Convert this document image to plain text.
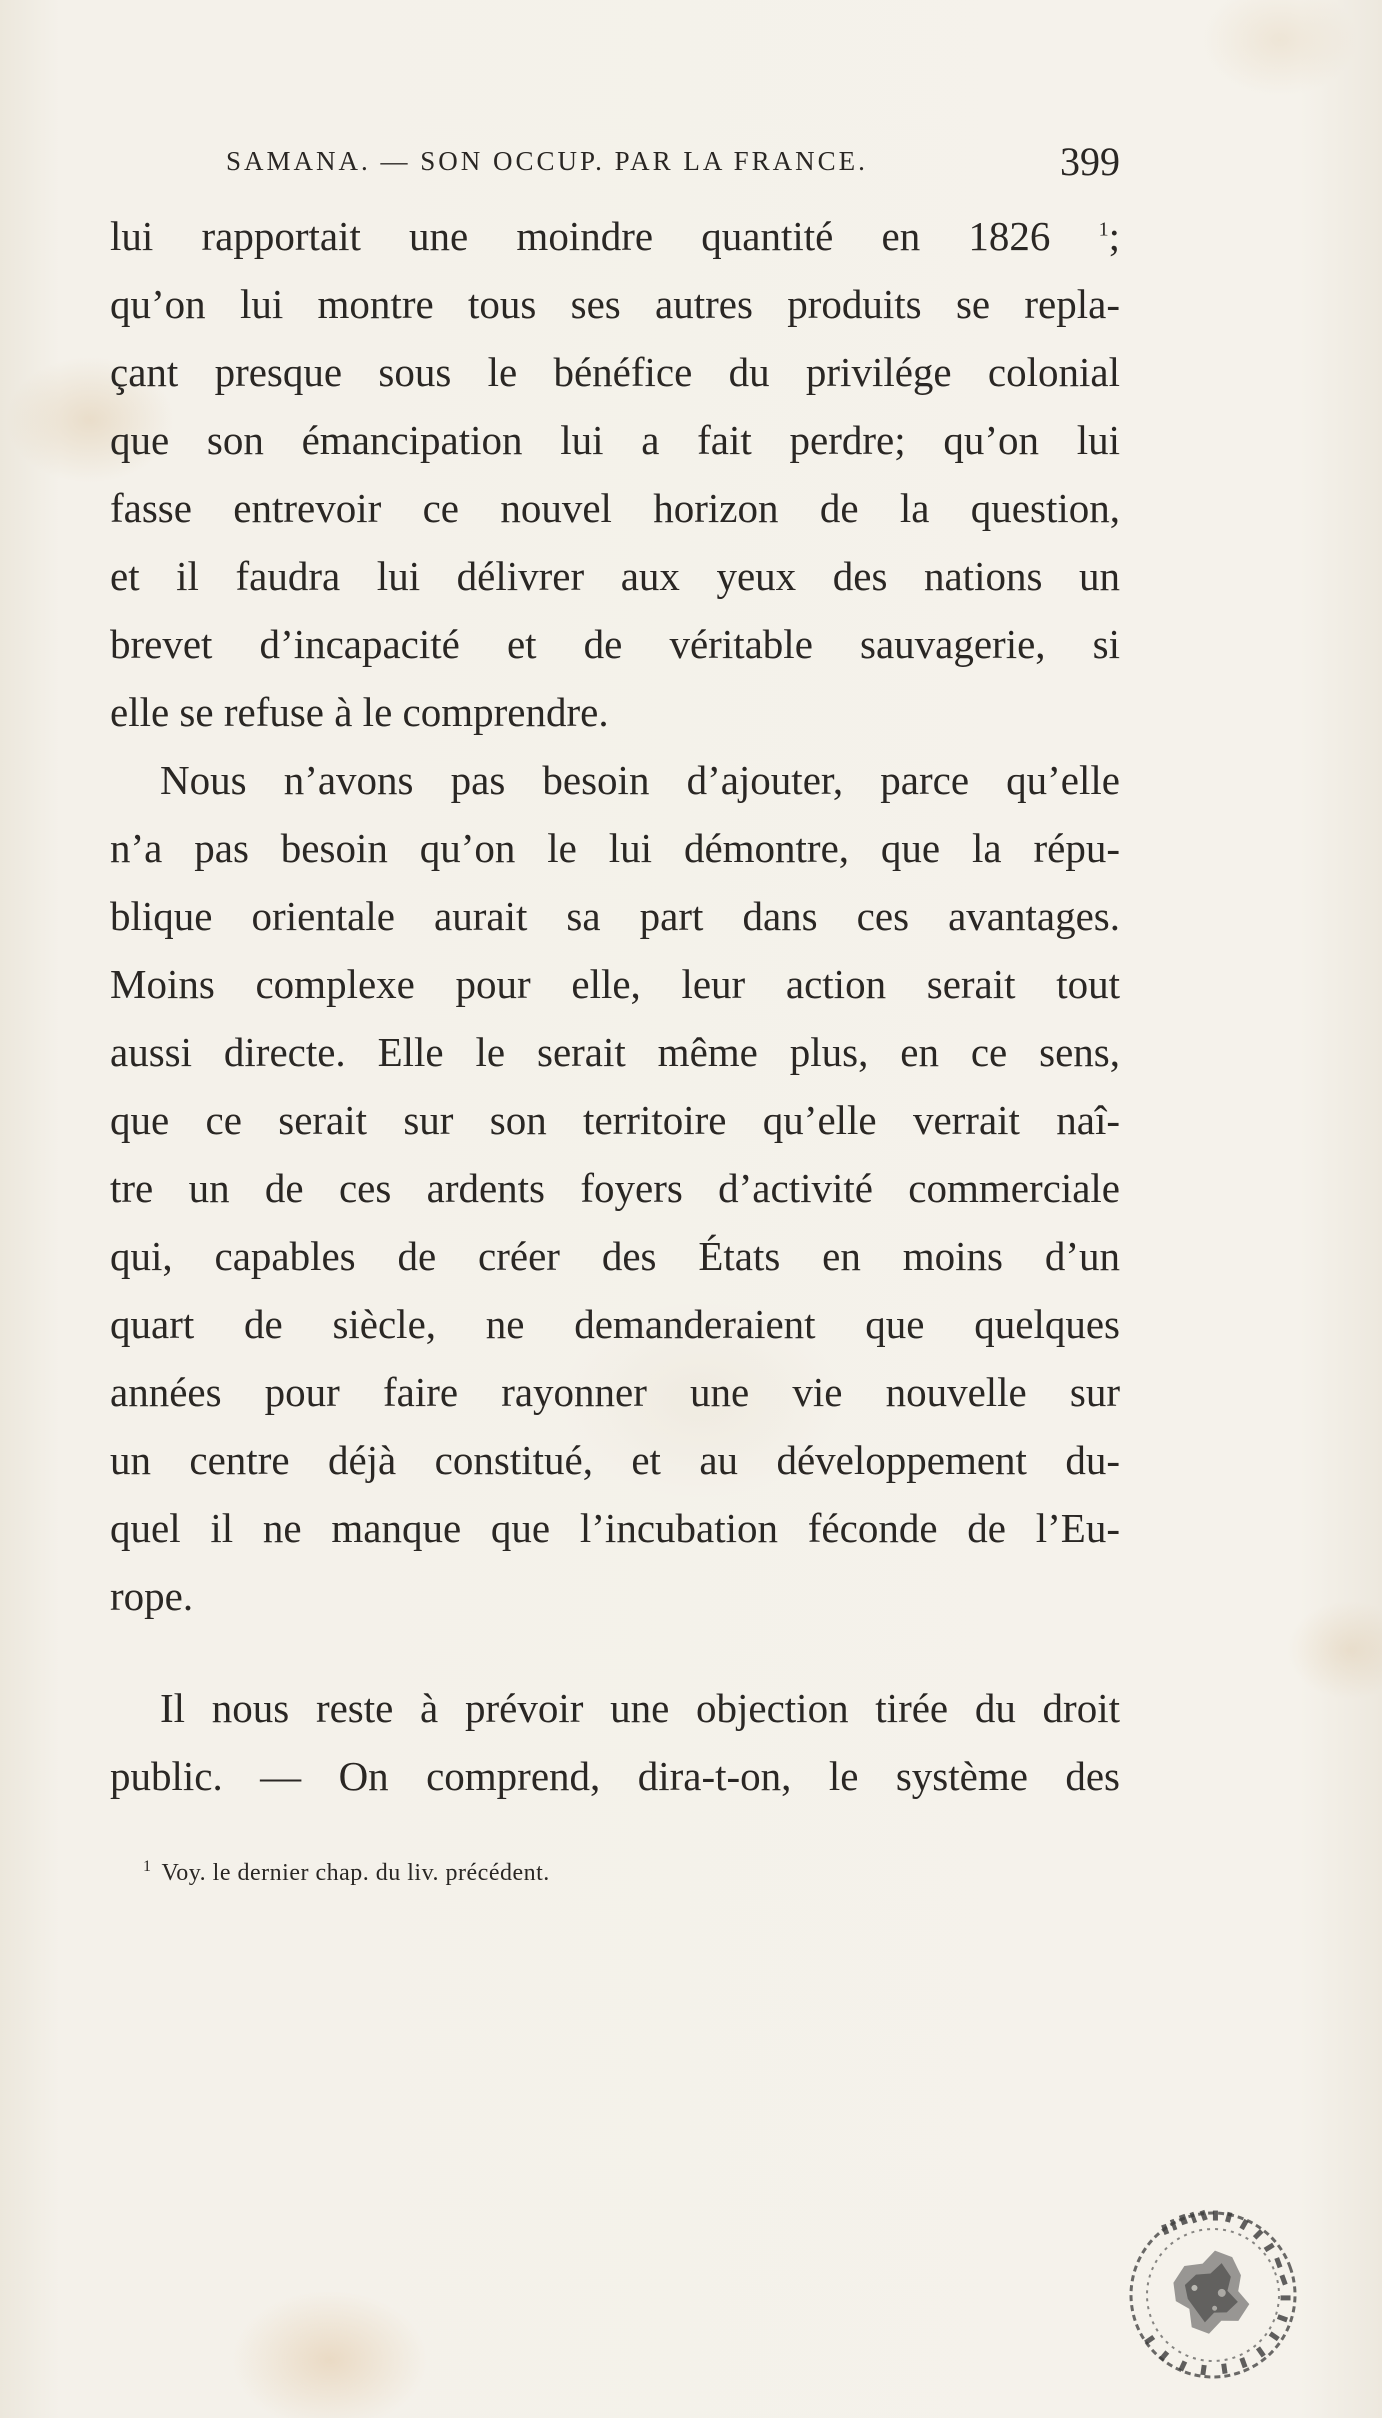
SAMANA. — SON OCCUP. PAR LA FRANCE.	399
lui rapportait une moindre quantité en 1826 $^1$;
qu’on lui montre tous ses autres produits se repla-
çant presque sous le bénéfice du privilége colonial
que son émancipation lui a fait perdre; qu’on lui
fasse entrevoir ce nouvel horizon de la question,
et il faudra lui délivrer aux yeux des nations un
brevet d’incapacité et de véritable sauvagerie, si
elle se refuse à le comprendre.
Nous n’avons pas besoin d’ajouter, parce qu’elle
n’a pas besoin qu’on le lui démontre, que la répu-
blique orientale aurait sa part dans ces avantages.
Moins complexe pour elle, leur action serait tout
aussi directe. Elle le serait même plus, en ce sens,
que ce serait sur son territoire qu’elle verrait naî-
tre un de ces ardents foyers d’activité commerciale
qui, capables de créer des États en moins d’un
quart de siècle, ne demanderaient que quelques
années pour faire rayonner une vie nouvelle sur
un centre déjà constitué, et au développement du-
quel il ne manque que l’incubation féconde de l’Eu-
rope.
Il nous reste à prévoir une objection tirée du droit
public. — On comprend, dira-t-on, le système des
$^1$ Voy. le dernier chap. du liv. précédent.
